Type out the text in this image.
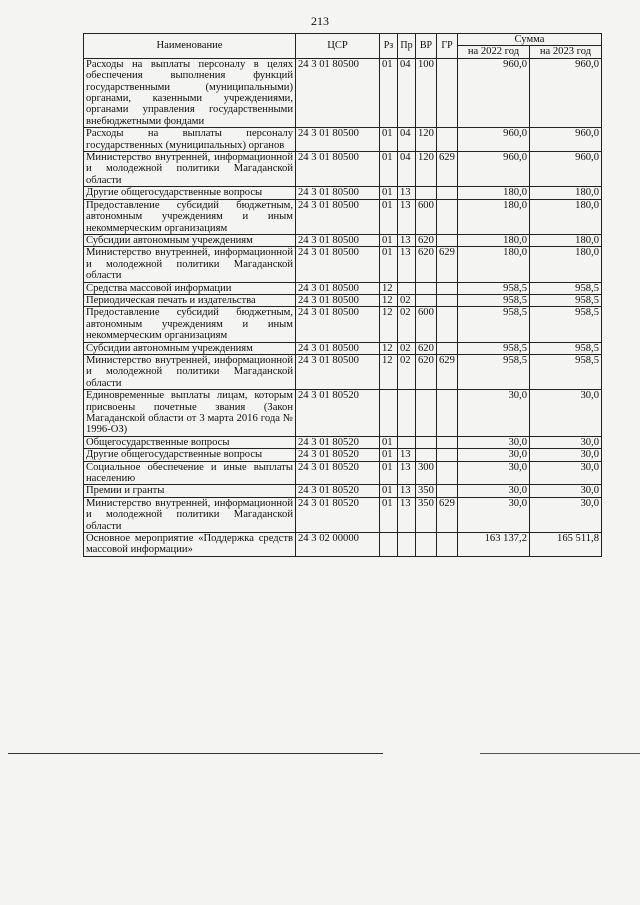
213
Наименование	ЦСР	Рз	Пр	ВР	ГР	Сумма	
						на 2022 год	на 2023 год
Расходы на выплаты персоналу в целях обеспечения выполнения функций государственными (муниципальными) органами, казенными учреждениями, органами управления государственными внебюджетными фондами	24 3 01 80500	01	04	100		960,0	960,0
Расходы на выплаты персоналу государственных (муниципальных) органов	24 3 01 80500	01	04	120		960,0	960,0
Министерство внутренней, информационной и молодежной политики Магаданской области	24 3 01 80500	01	04	120	629	960,0	960,0
Другие общегосударственные вопросы	24 3 01 80500	01	13			180,0	180,0
Предоставление субсидий бюджетным, автономным учреждениям и иным некоммерческим организациям	24 3 01 80500	01	13	600		180,0	180,0
Субсидии автономным учреждениям	24 3 01 80500	01	13	620		180,0	180,0
Министерство внутренней, информационной и молодежной политики Магаданской области	24 3 01 80500	01	13	620	629	180,0	180,0
Средства массовой информации	24 3 01 80500	12				958,5	958,5
Периодическая печать и издательства	24 3 01 80500	12	02			958,5	958,5
Предоставление субсидий бюджетным, автономным учреждениям и иным некоммерческим организациям	24 3 01 80500	12	02	600		958,5	958,5
Субсидии автономным учреждениям	24 3 01 80500	12	02	620		958,5	958,5
Министерство внутренней, информационной и молодежной политики Магаданской области	24 3 01 80500	12	02	620	629	958,5	958,5
Единовременные выплаты лицам, которым присвоены почетные звания (Закон Магаданской области от 3 марта 2016 года № 1996-ОЗ)	24 3 01 80520					30,0	30,0
Общегосударственные вопросы	24 3 01 80520	01				30,0	30,0
Другие общегосударственные вопросы	24 3 01 80520	01	13			30,0	30,0
Социальное обеспечение и иные выплаты населению	24 3 01 80520	01	13	300		30,0	30,0
Премии и гранты	24 3 01 80520	01	13	350		30,0	30,0
Министерство внутренней, информационной и молодежной политики Магаданской области	24 3 01 80520	01	13	350	629	30,0	30,0
Основное мероприятие «Поддержка средств массовой информации»	24 3 02 00000					163 137,2	165 511,8
